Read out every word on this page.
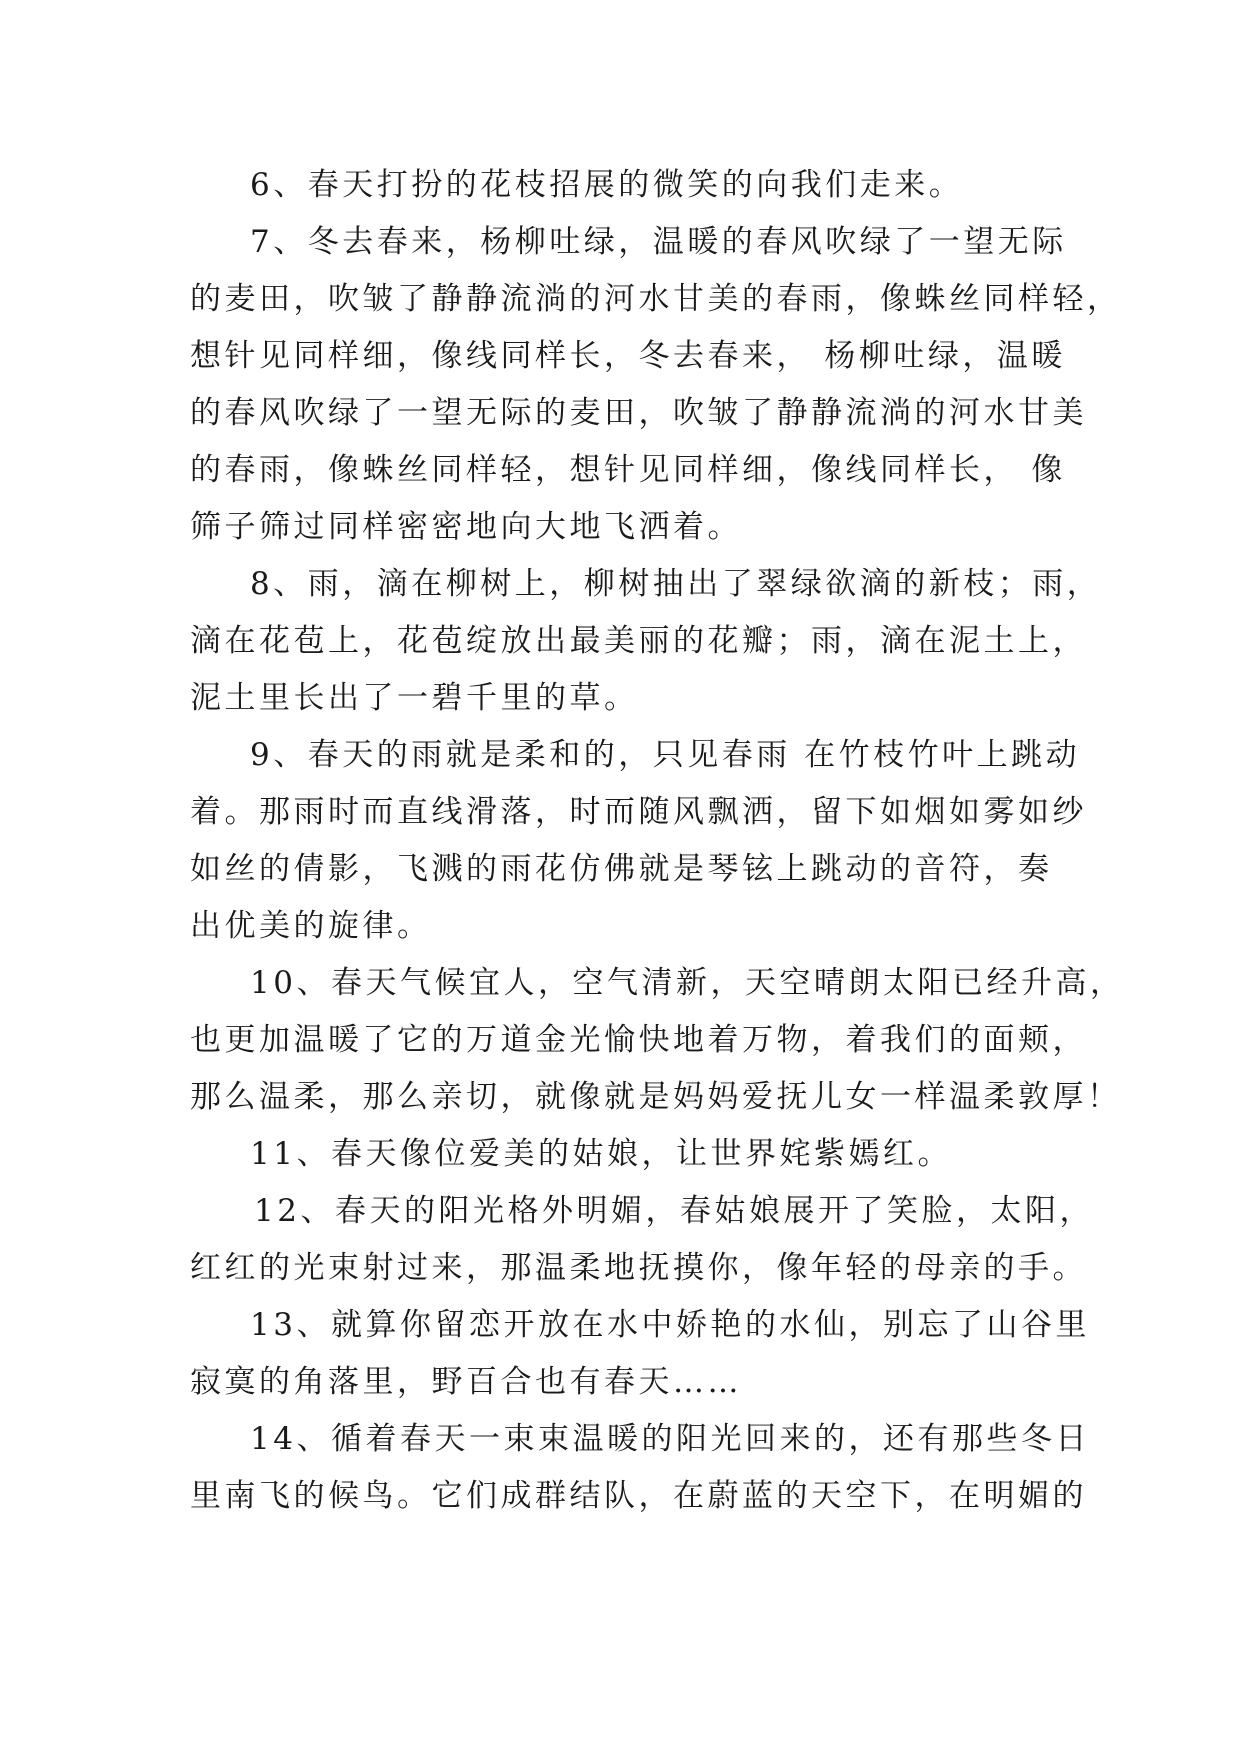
6、春天打扮的花枝招展的微笑的向我们走来。
7、冬去春来，杨柳吐绿，温暖的春风吹绿了一望无际
的麦田，吹皱了静静流淌的河水甘美的春雨，像蛛丝同样轻，
想针见同样细，像线同样长，冬去春来， 杨柳吐绿，温暖
的春风吹绿了一望无际的麦田，吹皱了静静流淌的河水甘美
的春雨，像蛛丝同样轻，想针见同样细，像线同样长， 像
筛子筛过同样密密地向大地飞洒着。
8、雨，滴在柳树上，柳树抽出了翠绿欲滴的新枝；雨，
滴在花苞上，花苞绽放出最美丽的花瓣；雨，滴在泥土上，
泥土里长出了一碧千里的草。
9、春天的雨就是柔和的，只见春雨 在竹枝竹叶上跳动
着。那雨时而直线滑落，时而随风飘洒，留下如烟如雾如纱
如丝的倩影，飞溅的雨花仿佛就是琴铉上跳动的音符，奏
出优美的旋律。
10、春天气候宜人，空气清新，天空晴朗太阳已经升高，
也更加温暖了它的万道金光愉快地着万物，着我们的面颊，
那么温柔，那么亲切，就像就是妈妈爱抚儿女一样温柔敦厚！
11、春天像位爱美的姑娘，让世界姹紫嫣红。
12、春天的阳光格外明媚，春姑娘展开了笑脸，太阳，
红红的光束射过来，那温柔地抚摸你，像年轻的母亲的手。
13、就算你留恋开放在水中娇艳的水仙，别忘了山谷里
寂寞的角落里，野百合也有春天……
14、循着春天一束束温暖的阳光回来的，还有那些冬日
里南飞的候鸟。它们成群结队，在蔚蓝的天空下，在明媚的
